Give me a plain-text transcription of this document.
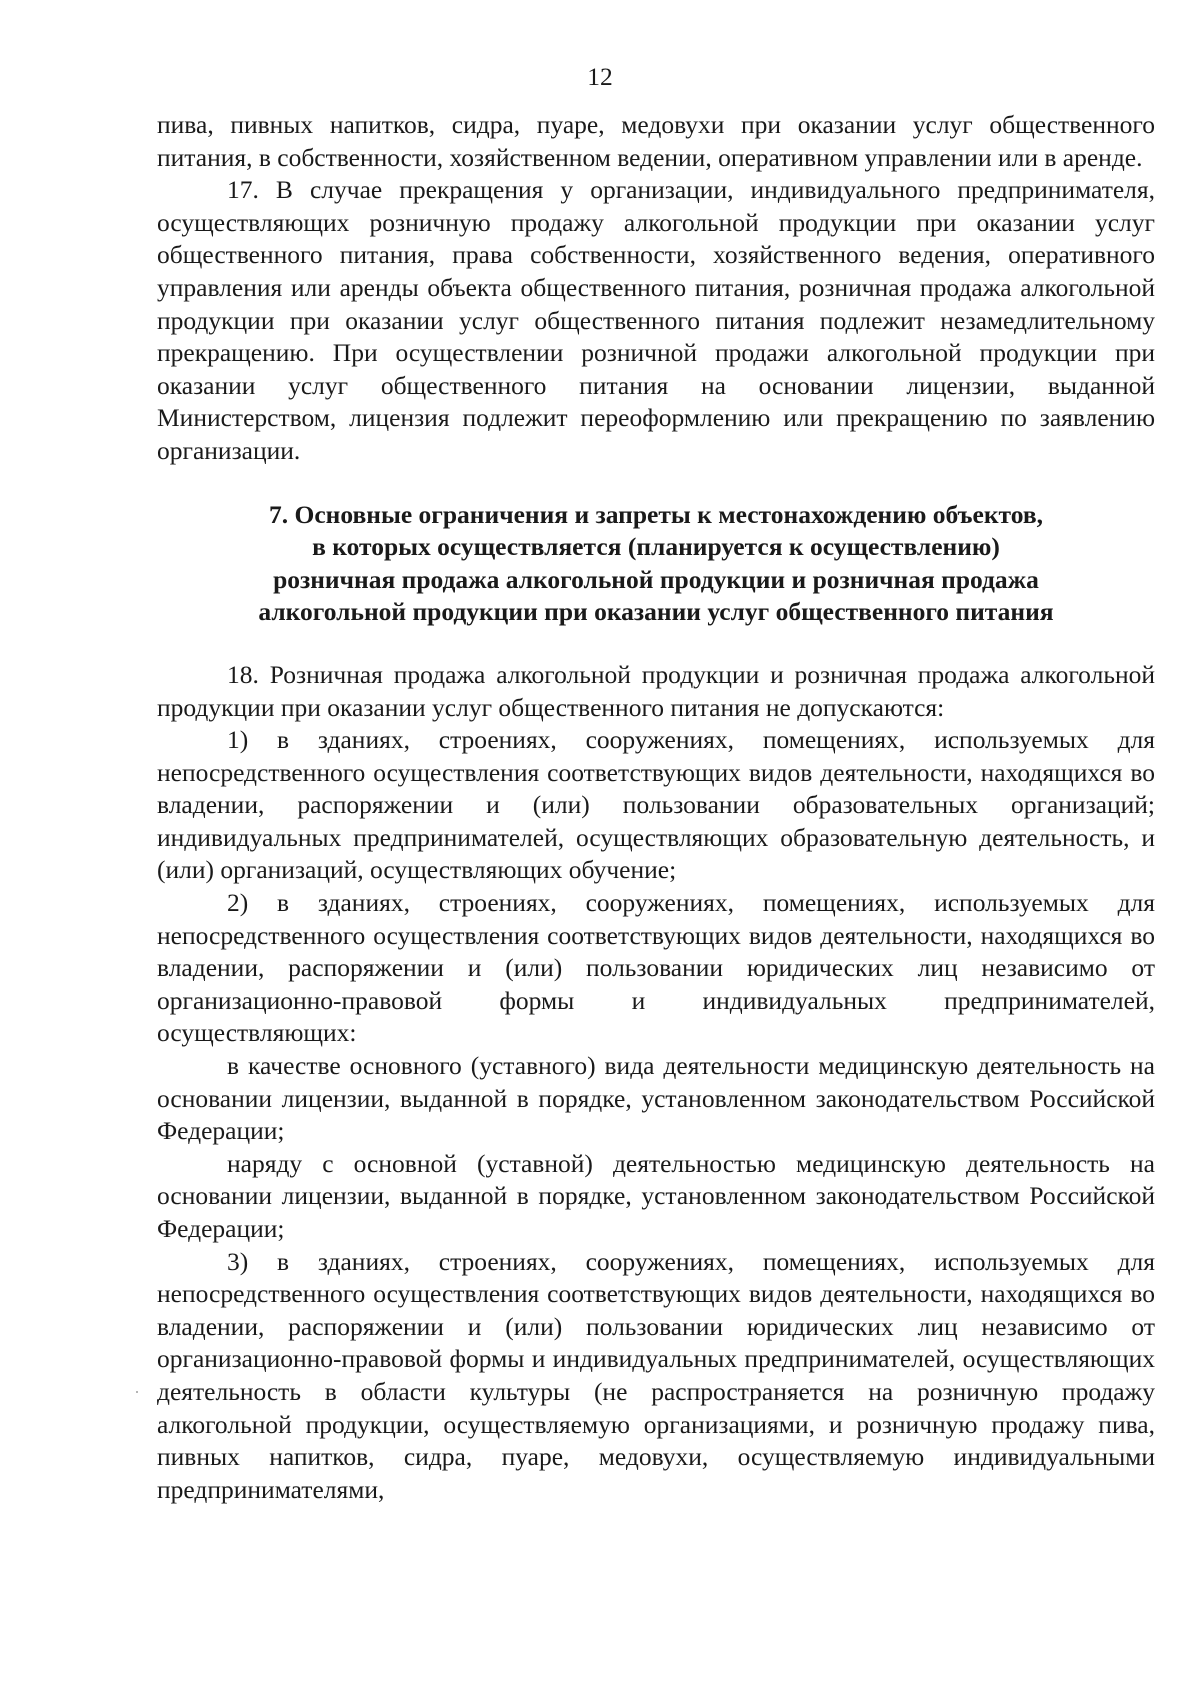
12

пива, пивных напитков, сидра, пуаре, медовухи при оказании услуг общественного питания, в собственности, хозяйственном ведении, оперативном управлении или в аренде.

17. В случае прекращения у организации, индивидуального предпринимателя, осуществляющих розничную продажу алкогольной продукции при оказании услуг общественного питания, права собственности, хозяйственного ведения, оперативного управления или аренды объекта общественного питания, розничная продажа алкогольной продукции при оказании услуг общественного питания подлежит незамедлительному прекращению. При осуществлении розничной продажи алкогольной продукции при оказании услуг общественного питания на основании лицензии, выданной Министерством, лицензия подлежит переоформлению или прекращению по заявлению организации.

7. Основные ограничения и запреты к местонахождению объектов,
в которых осуществляется (планируется к осуществлению)
розничная продажа алкогольной продукции и розничная продажа
алкогольной продукции при оказании услуг общественного питания

18. Розничная продажа алкогольной продукции и розничная продажа алкогольной продукции при оказании услуг общественного питания не допускаются:

1) в зданиях, строениях, сооружениях, помещениях, используемых для непосредственного осуществления соответствующих видов деятельности, находящихся во владении, распоряжении и (или) пользовании образовательных организаций; индивидуальных предпринимателей, осуществляющих образовательную деятельность, и (или) организаций, осуществляющих обучение;

2) в зданиях, строениях, сооружениях, помещениях, используемых для непосредственного осуществления соответствующих видов деятельности, находящихся во владении, распоряжении и (или) пользовании юридических лиц независимо от организационно-правовой формы и индивидуальных предпринимателей, осуществляющих:

в качестве основного (уставного) вида деятельности медицинскую деятельность на основании лицензии, выданной в порядке, установленном законодательством Российской Федерации;

наряду с основной (уставной) деятельностью медицинскую деятельность на основании лицензии, выданной в порядке, установленном законодательством Российской Федерации;

3) в зданиях, строениях, сооружениях, помещениях, используемых для непосредственного осуществления соответствующих видов деятельности, находящихся во владении, распоряжении и (или) пользовании юридических лиц независимо от организационно-правовой формы и индивидуальных предпринимателей, осуществляющих деятельность в области культуры (не распространяется на розничную продажу алкогольной продукции, осуществляемую организациями, и розничную продажу пива, пивных напитков, сидра, пуаре, медовухи, осуществляемую индивидуальными предпринимателями,
